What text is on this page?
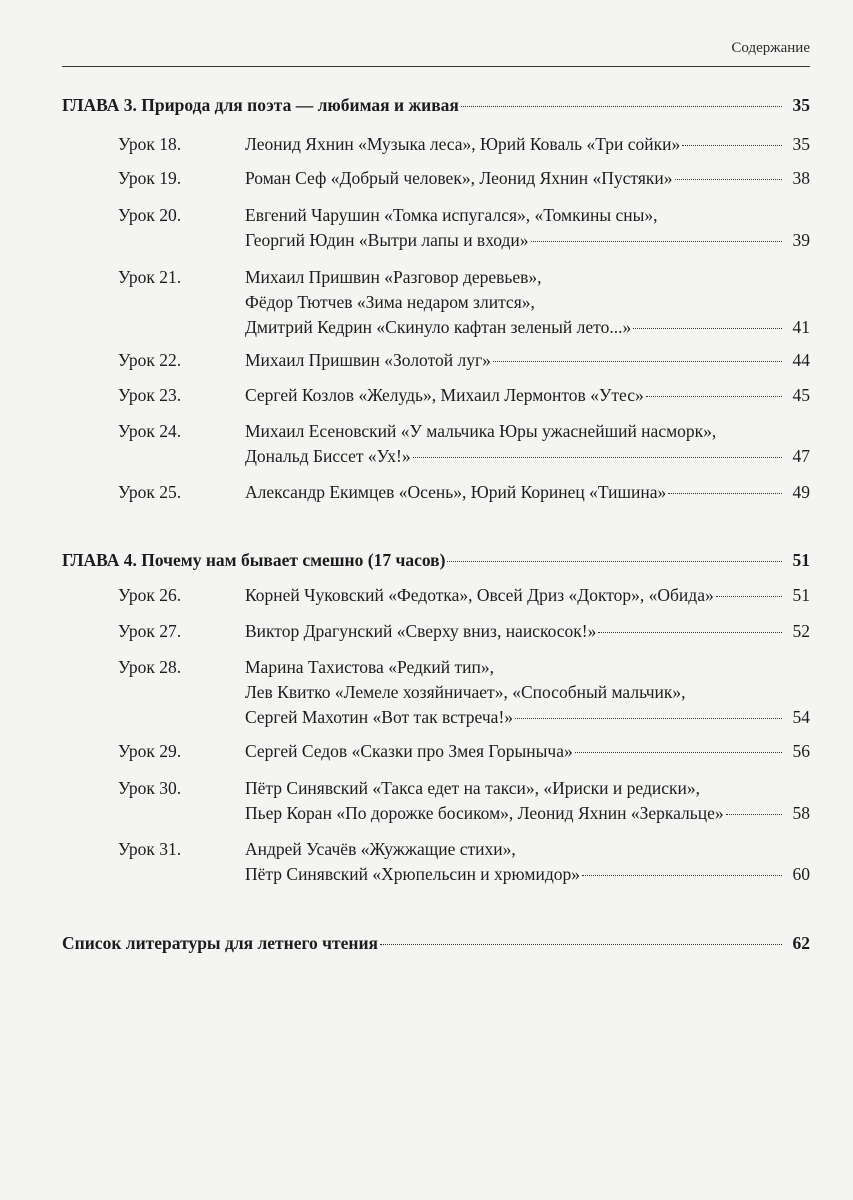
Содержание
ГЛАВА 3. Природа для поэта — любимая и живая	35
Урок 18.	Леонид Яхнин «Музыка леса», Юрий Коваль «Три сойки»	35
Урок 19.	Роман Сеф «Добрый человек», Леонид Яхнин «Пустяки»	38
Урок 20.	Евгений Чарушин «Томка испугался», «Томкины сны»,
Георгий Юдин «Вытри лапы и входи»	39
Урок 21.	Михаил Пришвин «Разговор деревьев»,
Фёдор Тютчев «Зима недаром злится»,
Дмитрий Кедрин «Скинуло кафтан зеленый лето...»	41
Урок 22.	Михаил Пришвин «Золотой луг»	44
Урок 23.	Сергей Козлов «Желудь», Михаил Лермонтов «Утес»	45
Урок 24.	Михаил Есеновский «У мальчика Юры ужаснейший насморк»,
Дональд Биссет «Ух!»	47
Урок 25.	Александр Екимцев «Осень», Юрий Коринец «Тишина»	49
ГЛАВА 4. Почему нам бывает смешно (17 часов)	51
Урок 26.	Корней Чуковский «Федотка», Овсей Дриз «Доктор», «Обида»	51
Урок 27.	Виктор Драгунский «Сверху вниз, наискосок!»	52
Урок 28.	Марина Тахистова «Редкий тип»,
Лев Квитко «Лемеле хозяйничает», «Способный мальчик»,
Сергей Махотин «Вот так встреча!»	54
Урок 29.	Сергей Седов «Сказки про Змея Горыныча»	56
Урок 30.	Пётр Синявский «Такса едет на такси», «Ириски и редиски»,
Пьер Коран «По дорожке босиком», Леонид Яхнин «Зеркальце»	58
Урок 31.	Андрей Усачёв «Жужжащие стихи»,
Пётр Синявский «Хрюпельсин и хрюмидор»	60
Список литературы для летнего чтения	62
